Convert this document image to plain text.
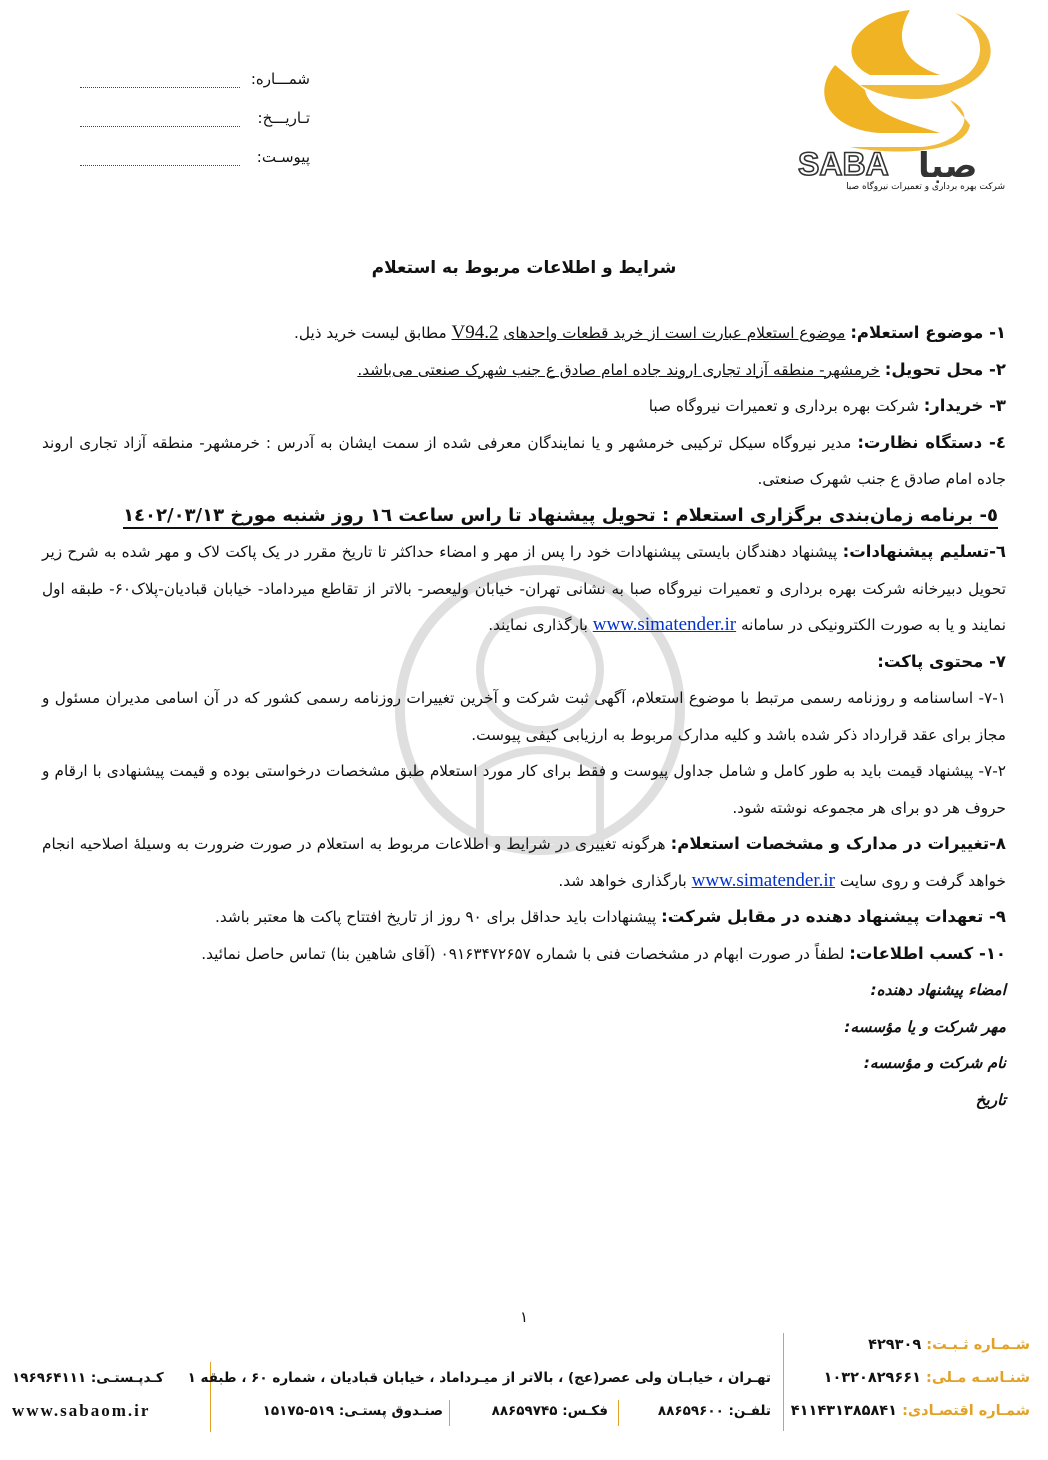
شمـــاره:
تـاریـــخ:
پیوسـت:	SABA صبا
شرکت بهره برداری و تعمیرات نیروگاه صبا
شرایط و اطلاعات مربوط به استعلام

۱- موضوع استعلام: موضوع استعلام عبارت است از خرید قطعات واحدهای V94.2 مطابق لیست خرید ذیل.

۲- محل تحویل: خرمشهر- منطقه آزاد تجاری اروند جاده امام صادق ع جنب شهرک صنعتی می‌باشد.

۳- خریدار: شرکت بهره برداری و تعمیرات نیروگاه صبا

٤- دستگاه نظارت: مدیر نیروگاه سیکل ترکیبی خرمشهر و یا نمایندگان معرفی شده از سمت ایشان به آدرس : خرمشهر- منطقه آزاد تجاری اروند جاده امام صادق ع جنب شهرک صنعتی.

٥- برنامه زمان‌بندی برگزاری استعلام : تحویل پیشنهاد تا راس ساعت ١٦ روز شنبه مورخ ١٤٠٢/٠٣/١٣

٦-تسلیم پیشنهادات: پیشنهاد دهندگان بایستی پیشنهادات خود را پس از مهر و امضاء حداکثر تا تاریخ مقرر در یک پاکت لاک و مهر شده به شرح زیر تحویل دبیرخانه شرکت بهره برداری و تعمیرات نیروگاه صبا به نشانی تهران- خیابان ولیعصر- بالاتر از تقاطع میرداماد- خیابان قبادیان-پلاک۶۰- طبقه اول نمایند و یا به صورت الکترونیکی در سامانه www.simatender.ir بارگذاری نمایند.

۷- محتوی پاکت:

۷-۱- اساسنامه و روزنامه رسمی مرتبط با موضوع استعلام، آگهی ثبت شرکت و آخرین تغییرات روزنامه رسمی کشور که در آن اسامی مدیران مسئول و مجاز برای عقد قرارداد ذکر شده باشد و کلیه مدارک مربوط به ارزیابی کیفی پیوست.

۷-۲- پیشنهاد قیمت باید به طور کامل و شامل جداول پیوست و فقط برای کار مورد استعلام طبق مشخصات درخواستی بوده و قیمت پیشنهادی با ارقام و حروف هر دو برای هر مجموعه نوشته شود.

۸-تغییرات در مدارک و مشخصات استعلام: هرگونه تغییری در شرایط و اطلاعات مربوط به استعلام در صورت ضرورت به وسیلهٔ اصلاحیه انجام خواهد گرفت و روی سایت www.simatender.ir بارگذاری خواهد شد.

۹- تعهدات پیشنهاد دهنده در مقابل شرکت: پیشنهادات باید حداقل برای ۹۰ روز از تاریخ افتتاح پاکت ها معتبر باشد.

۱۰- کسب اطلاعات: لطفاً در صورت ابهام در مشخصات فنی با شماره ۰۹۱۶۳۴۷۲۶۵۷ (آقای شاهین بنا) تماس حاصل نمائید.

امضاء پیشنهاد دهنده:
مهر شرکت و یا مؤسسه:
نام شرکت و مؤسسه:
تاریخ

۱
شـمـاره ثـبـت: ۴۲۹۳۰۹
شنـاسـه مـلی: ۱۰۳۲۰۸۲۹۶۶۱
شمـاره اقتصـادی: ۴۱۱۴۳۱۳۸۵۸۴۱
تهـران ، خیابـان ولی عصر(عج) ، بالاتر از میـرداماد ، خیابان قبادیان ، شماره ۶۰ ، طبقه ۱
تلفـن: ۸۸۶۵۹۶۰۰
فکـس: ۸۸۶۵۹۷۴۵
صنـدوق پستـی: ۵۱۹-۱۵۱۷۵
کـدپـستـی: ۱۹۶۹۶۴۱۱۱
www.sabaom.ir
